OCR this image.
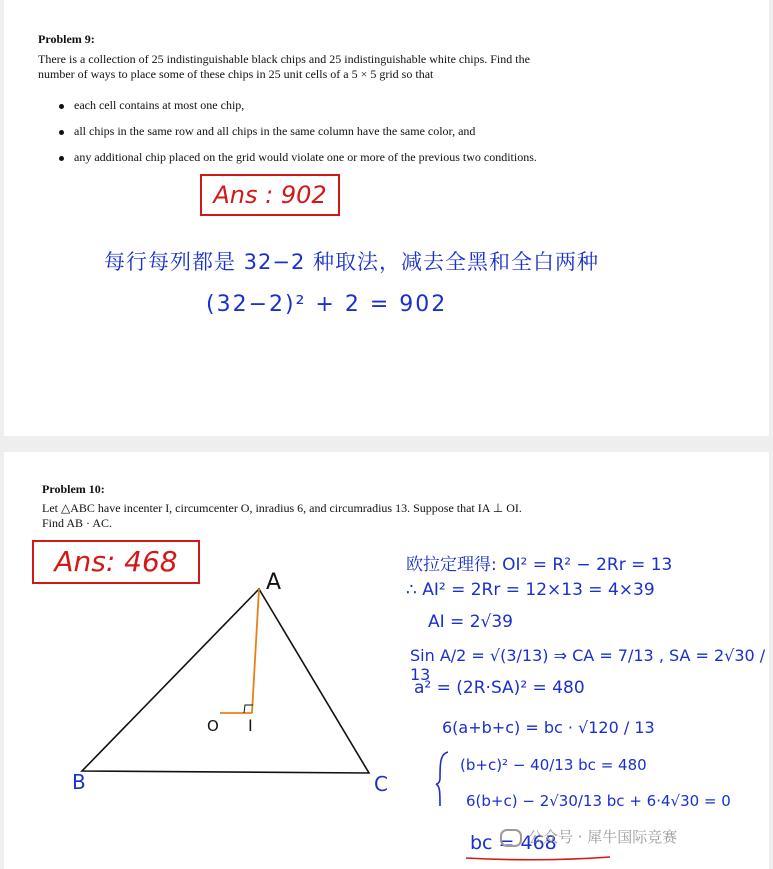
Problem 9:
There is a collection of 25 indistinguishable black chips and 25 indistinguishable white chips. Find the
number of ways to place some of these chips in 25 unit cells of a 5 × 5 grid so that
each cell contains at most one chip,
all chips in the same row and all chips in the same column have the same color, and
any additional chip placed on the grid would violate one or more of the previous two conditions.
Ans : 902
每行每列都是 32−2 种取法，减去全黑和全白两种
(32−2)² + 2 = 902
Problem 10:
Let △ABC have incenter I, circumcenter O, inradius 6, and circumradius 13. Suppose that IA ⊥ OI.
Find AB · AC.
Ans: 468
A
B	C
O I
欧拉定理得: OI² = R² − 2Rr = 13
∴ AI² = 2Rr = 12×13 = 4×39
AI = 2√39
Sin A/2 = √(3/13) ⇒ CA = 7/13 , SA = 2√30 / 13
a² = (2R·SA)² = 480
6(a+b+c) = bc · √120 / 13
(b+c)² − 40/13 bc = 480
6(b+c) − 2√30/13 bc + 6·4√30 = 0
bc = 468
公众号 · 犀牛国际竞赛
